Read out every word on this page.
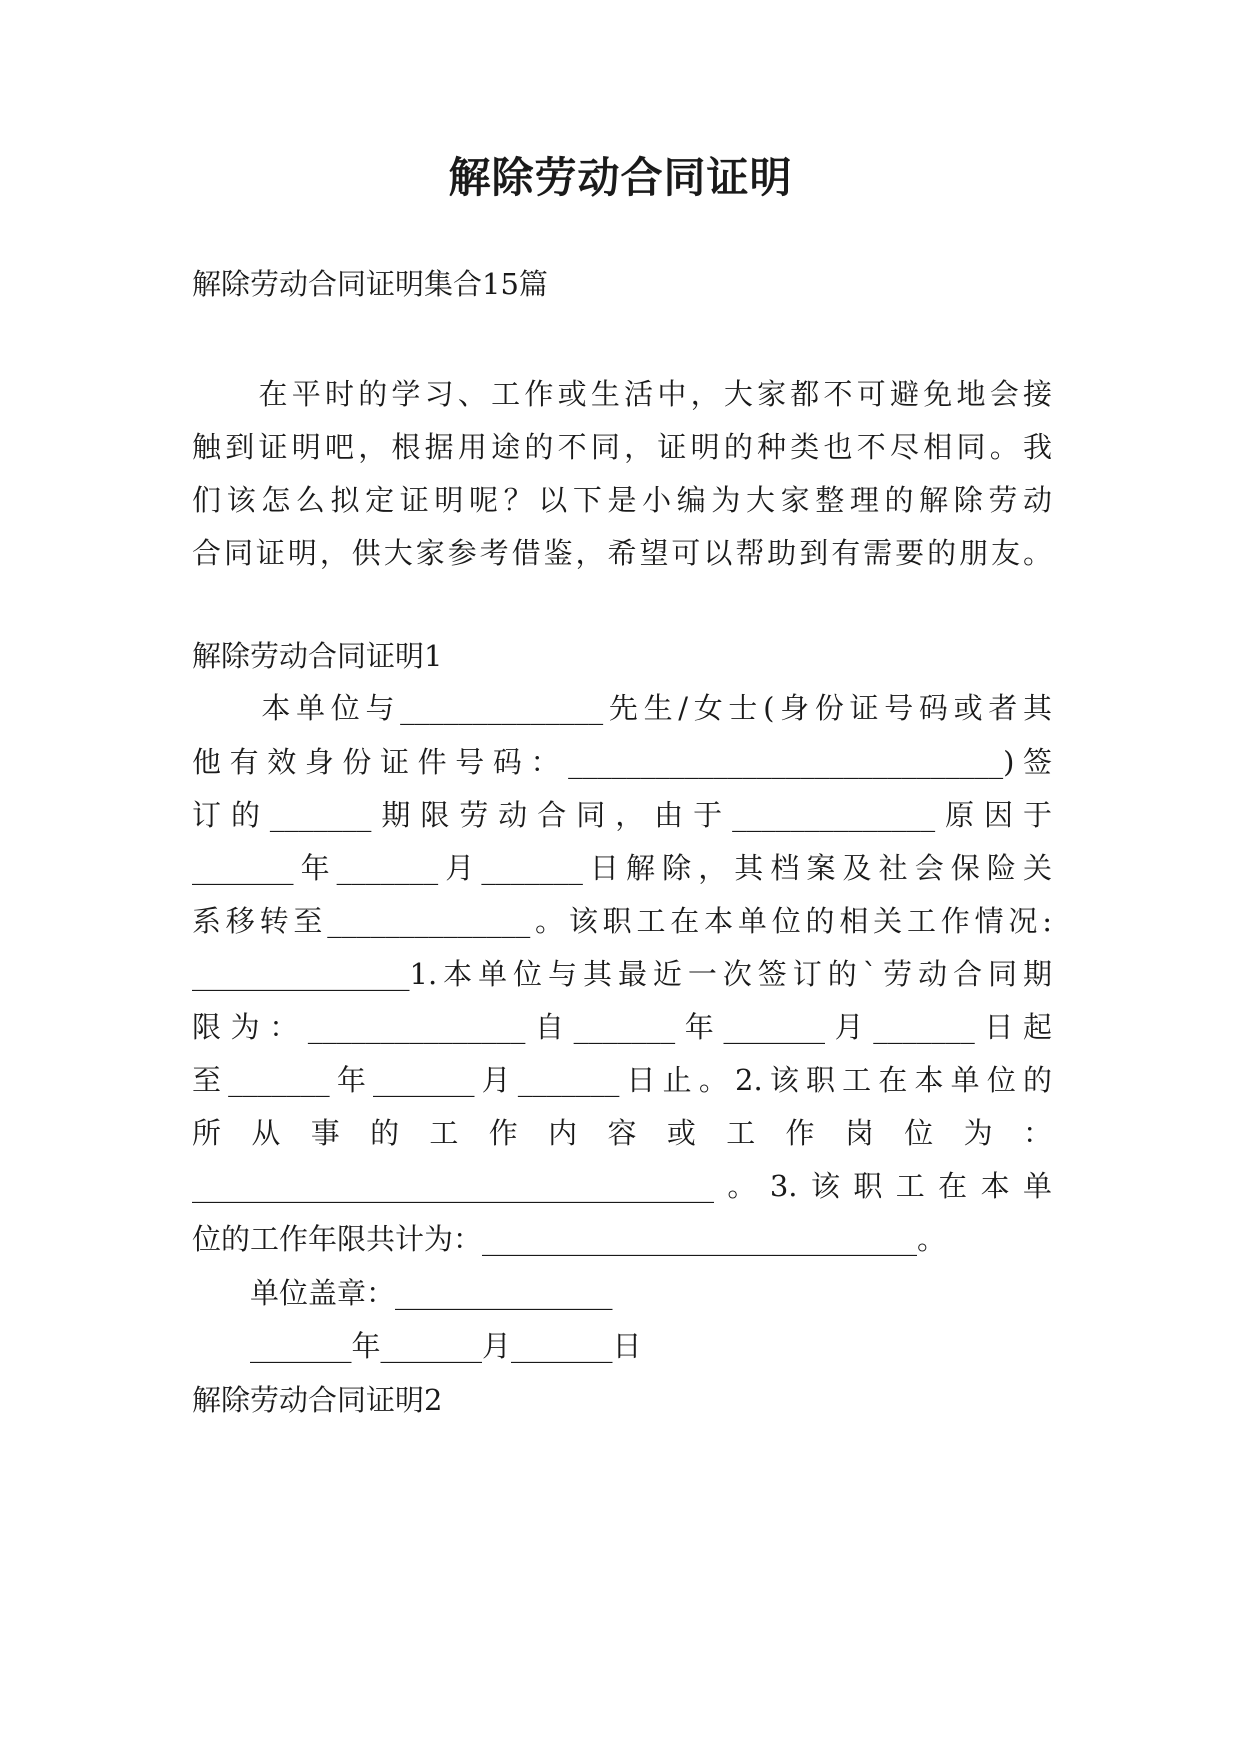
解除劳动合同证明
解除劳动合同证明集合15篇
　　在平时的学习、工作或生活中，大家都不可避免地会接
触到证明吧，根据用途的不同，证明的种类也不尽相同。我
们该怎么拟定证明呢？以下是小编为大家整理的解除劳动
合同证明，供大家参考借鉴，希望可以帮助到有需要的朋友。
解除劳动合同证明1
　　本单位与______________先生/女士(身份证号码或者其
他有效身份证件号码：______________________________)签
订的_______期限劳动合同，由于______________原因于
_______年_______月_______日解除，其档案及社会保险关
系移转至______________。该职工在本单位的相关工作情况:
_______________1.本单位与其最近一次签订的`劳动合同期
限为：_______________自_______年_______月_______日起
至_______年_______月_______日止。2.该职工在本单位的
所从事的工作内容或工作岗位为：
____________________________________。3.该职工在本单
位的工作年限共计为：______________________________。
　　单位盖章：_______________
　　_______年_______月_______日
解除劳动合同证明2
